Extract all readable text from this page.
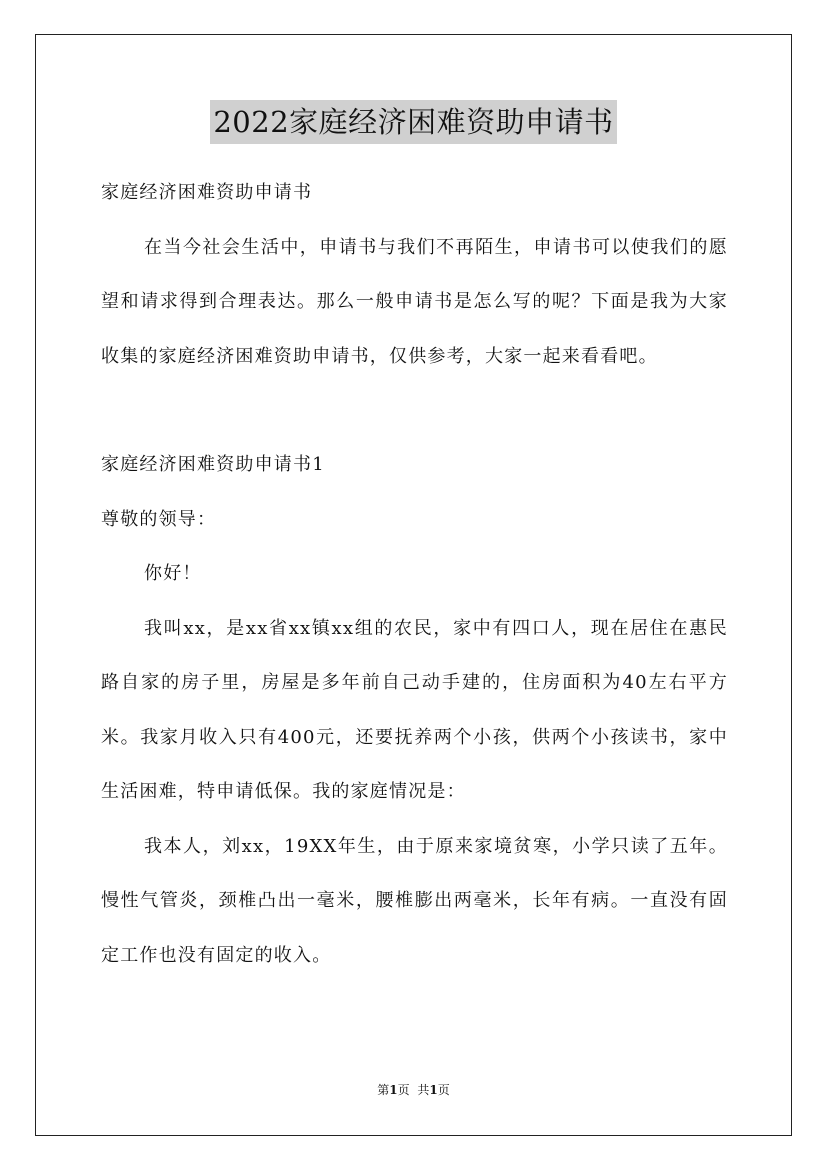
2022家庭经济困难资助申请书

家庭经济困难资助申请书

在当今社会生活中，申请书与我们不再陌生，申请书可以使我们的愿望和请求得到合理表达。那么一般申请书是怎么写的呢？下面是我为大家收集的家庭经济困难资助申请书，仅供参考，大家一起来看看吧。

家庭经济困难资助申请书1

尊敬的领导：

你好！

我叫xx，是xx省xx镇xx组的农民，家中有四口人，现在居住在惠民路自家的房子里，房屋是多年前自己动手建的，住房面积为40左右平方米。我家月收入只有400元，还要抚养两个小孩，供两个小孩读书，家中生活困难，特申请低保。我的家庭情况是：

我本人，刘xx，19XX年生，由于原来家境贫寒，小学只读了五年。慢性气管炎，颈椎凸出一毫米，腰椎膨出两毫米，长年有病。一直没有固定工作也没有固定的收入。

第1页 共1页
